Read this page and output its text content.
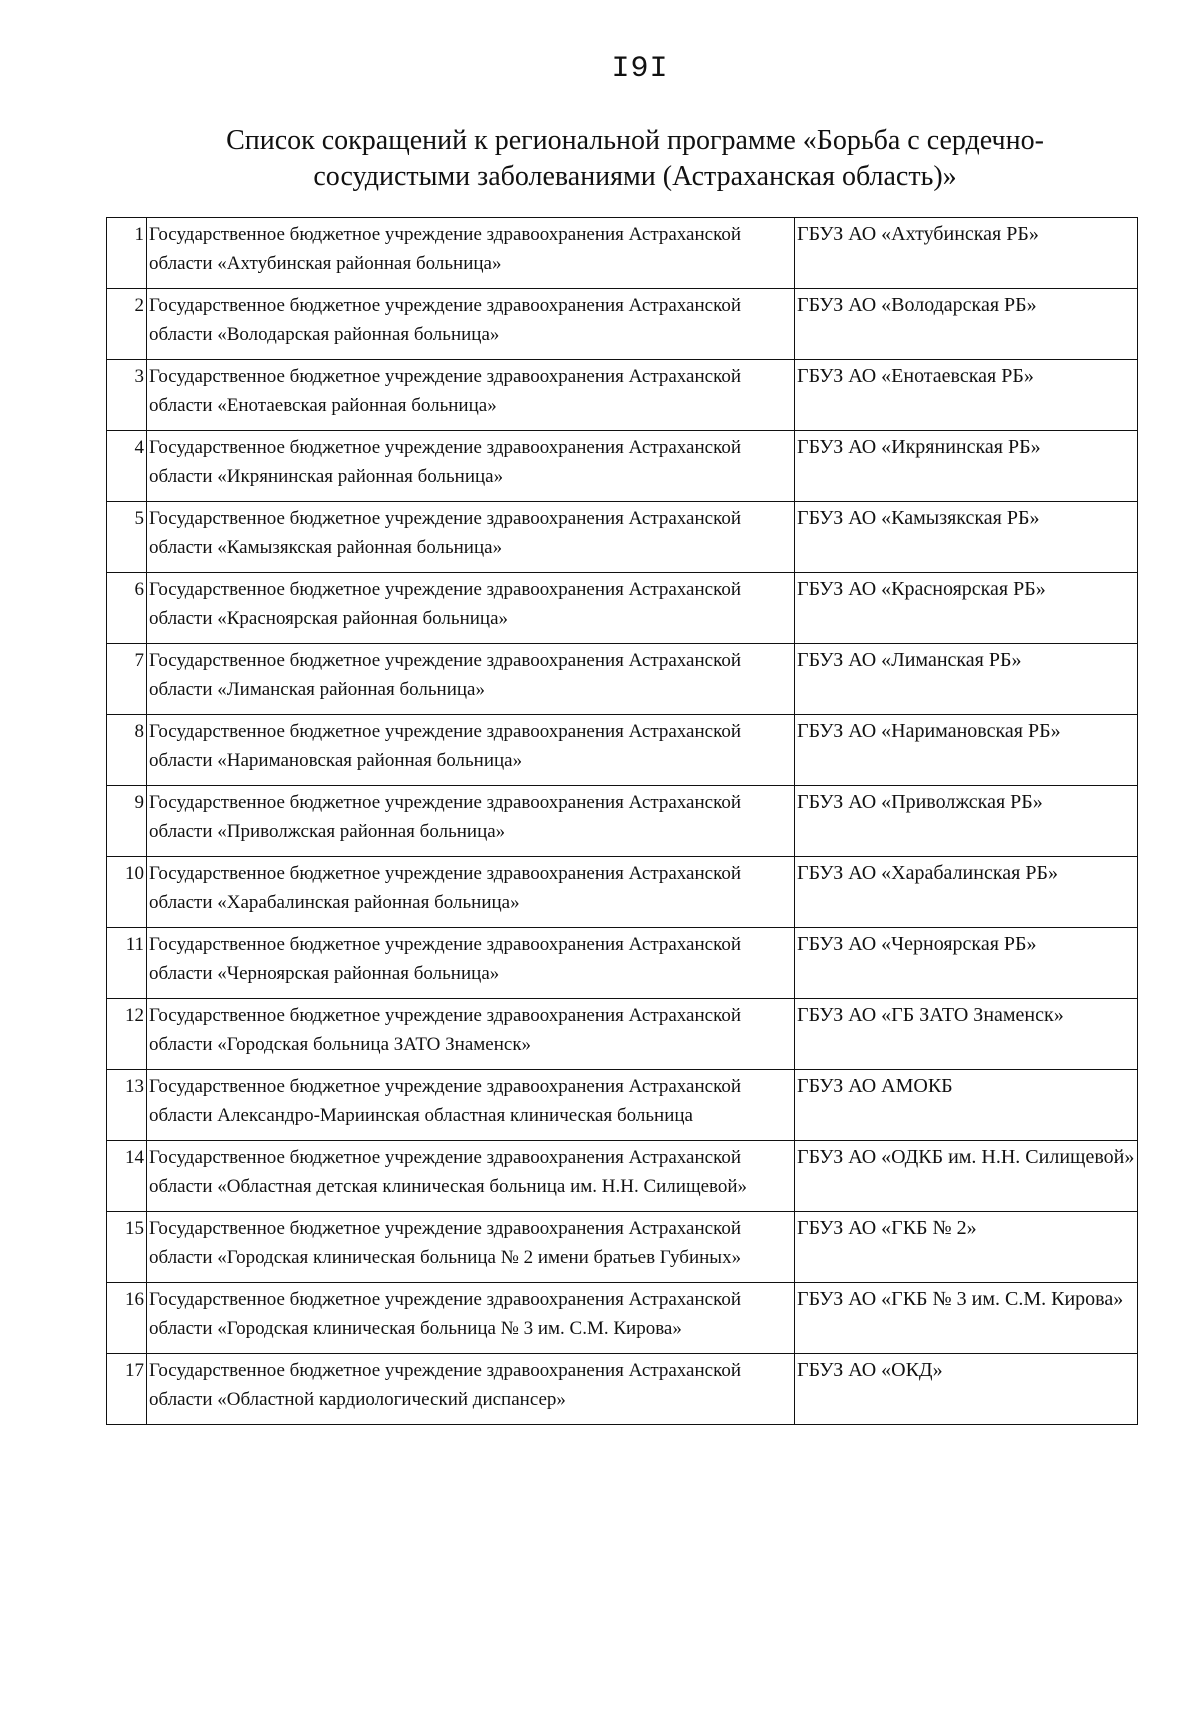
I9I
Список сокращений к региональной программе «Борьба с сердечно-сосудистыми заболеваниями (Астраханская область)»
1	Государственное бюджетное учреждение здравоохранения Астраханской области «Ахтубинская районная больница»	ГБУЗ АО «Ахтубинская РБ»
2	Государственное бюджетное учреждение здравоохранения Астраханской области «Володарская районная больница»	ГБУЗ АО «Володарская РБ»
3	Государственное бюджетное учреждение здравоохранения Астраханской области «Енотаевская районная больница»	ГБУЗ АО «Енотаевская РБ»
4	Государственное бюджетное учреждение здравоохранения Астраханской области «Икрянинская районная больница»	ГБУЗ АО «Икрянинская РБ»
5	Государственное бюджетное учреждение здравоохранения Астраханской области «Камызякская районная больница»	ГБУЗ АО «Камызякская РБ»
6	Государственное бюджетное учреждение здравоохранения Астраханской области «Красноярская районная больница»	ГБУЗ АО «Красноярская РБ»
7	Государственное бюджетное учреждение здравоохранения Астраханской области «Лиманская районная больница»	ГБУЗ АО «Лиманская РБ»
8	Государственное бюджетное учреждение здравоохранения Астраханской области «Наримановская районная больница»	ГБУЗ АО «Наримановская РБ»
9	Государственное бюджетное учреждение здравоохранения Астраханской области «Приволжская районная больница»	ГБУЗ АО «Приволжская РБ»
10	Государственное бюджетное учреждение здравоохранения Астраханской области «Харабалинская районная больница»	ГБУЗ АО «Харабалинская РБ»
11	Государственное бюджетное учреждение здравоохранения Астраханской области «Черноярская районная больница»	ГБУЗ АО «Черноярская РБ»
12	Государственное бюджетное учреждение здравоохранения Астраханской области «Городская больница ЗАТО Знаменск»	ГБУЗ АО «ГБ ЗАТО Знаменск»
13	Государственное бюджетное учреждение здравоохранения Астраханской области Александро-Мариинская областная клиническая больница	ГБУЗ АО АМОКБ
14	Государственное бюджетное учреждение здравоохранения Астраханской области «Областная детская клиническая больница им. Н.Н. Силищевой»	ГБУЗ АО «ОДКБ им. Н.Н. Силищевой»
15	Государственное бюджетное учреждение здравоохранения Астраханской области «Городская клиническая больница № 2 имени братьев Губиных»	ГБУЗ АО «ГКБ № 2»
16	Государственное бюджетное учреждение здравоохранения Астраханской области «Городская клиническая больница № 3 им. С.М. Кирова»	ГБУЗ АО «ГКБ № 3 им. С.М. Кирова»
17	Государственное бюджетное учреждение здравоохранения Астраханской области «Областной кардиологический диспансер»	ГБУЗ АО «ОКД»
